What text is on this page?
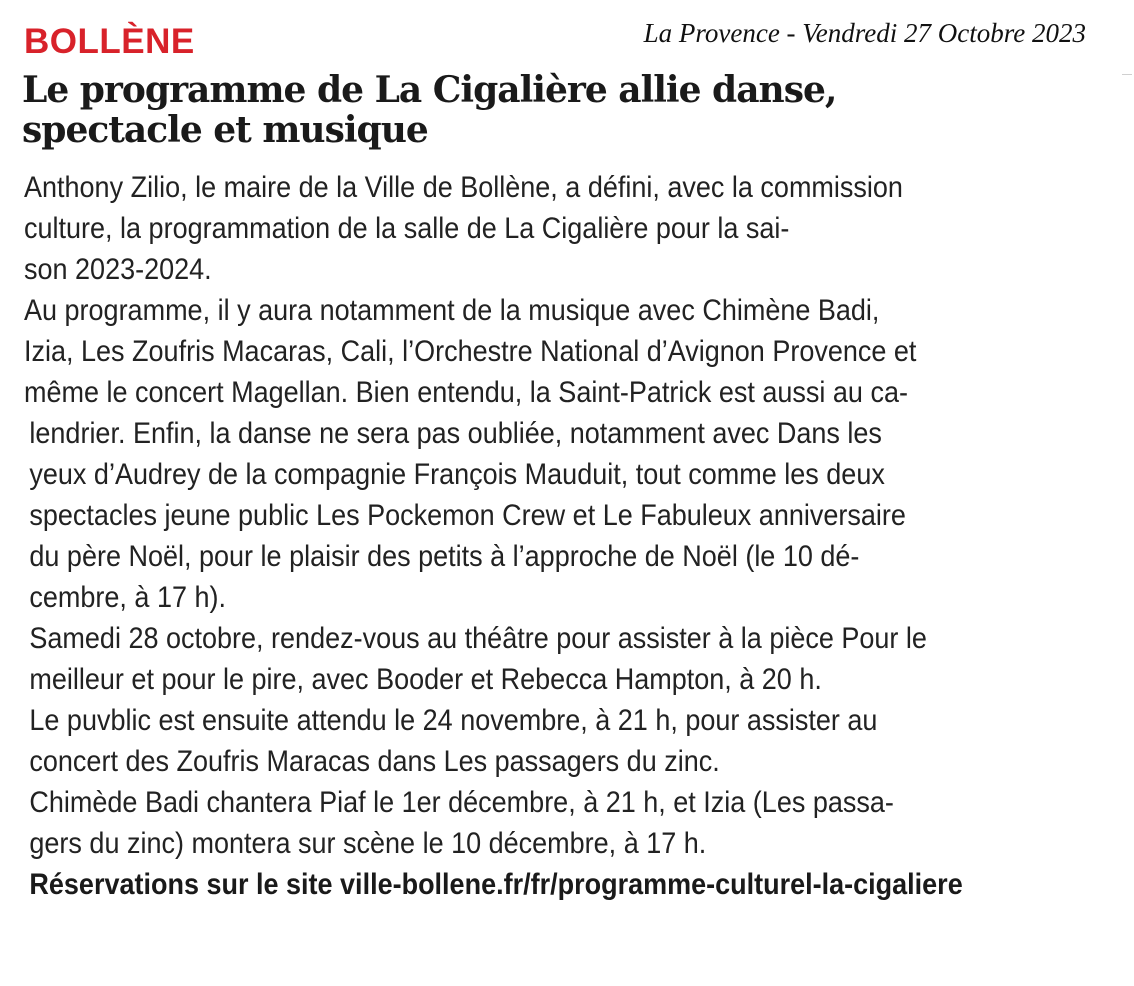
La Provence - Vendredi 27 Octobre 2023
BOLLÈNE
Le programme de La Cigalière allie danse,
spectacle et musique
Anthony Zilio, le maire de la Ville de Bollène, a défini, avec la commission
culture, la programmation de la salle de La Cigalière pour la sai-
son 2023-2024.
Au programme, il y aura notamment de la musique avec Chimène Badi,
Izia, Les Zoufris Macaras, Cali, l’Orchestre National d’Avignon Provence et
même le concert Magellan. Bien entendu, la Saint-Patrick est aussi au ca-
lendrier. Enfin, la danse ne sera pas oubliée, notamment avec Dans les
yeux d’Audrey de la compagnie François Mauduit, tout comme les deux
spectacles jeune public Les Pockemon Crew et Le Fabuleux anniversaire
du père Noël, pour le plaisir des petits à l’approche de Noël (le 10 dé-
cembre, à 17 h).
Samedi 28 octobre, rendez-vous au théâtre pour assister à la pièce Pour le
meilleur et pour le pire, avec Booder et Rebecca Hampton, à 20 h.
Le puvblic est ensuite attendu le 24 novembre, à 21 h, pour assister au
concert des Zoufris Maracas dans Les passagers du zinc.
Chimède Badi chantera Piaf le 1er décembre, à 21 h, et Izia (Les passa-
gers du zinc) montera sur scène le 10 décembre, à 17 h.
Réservations sur le site ville-bollene.fr/fr/programme-culturel-la-cigaliere
